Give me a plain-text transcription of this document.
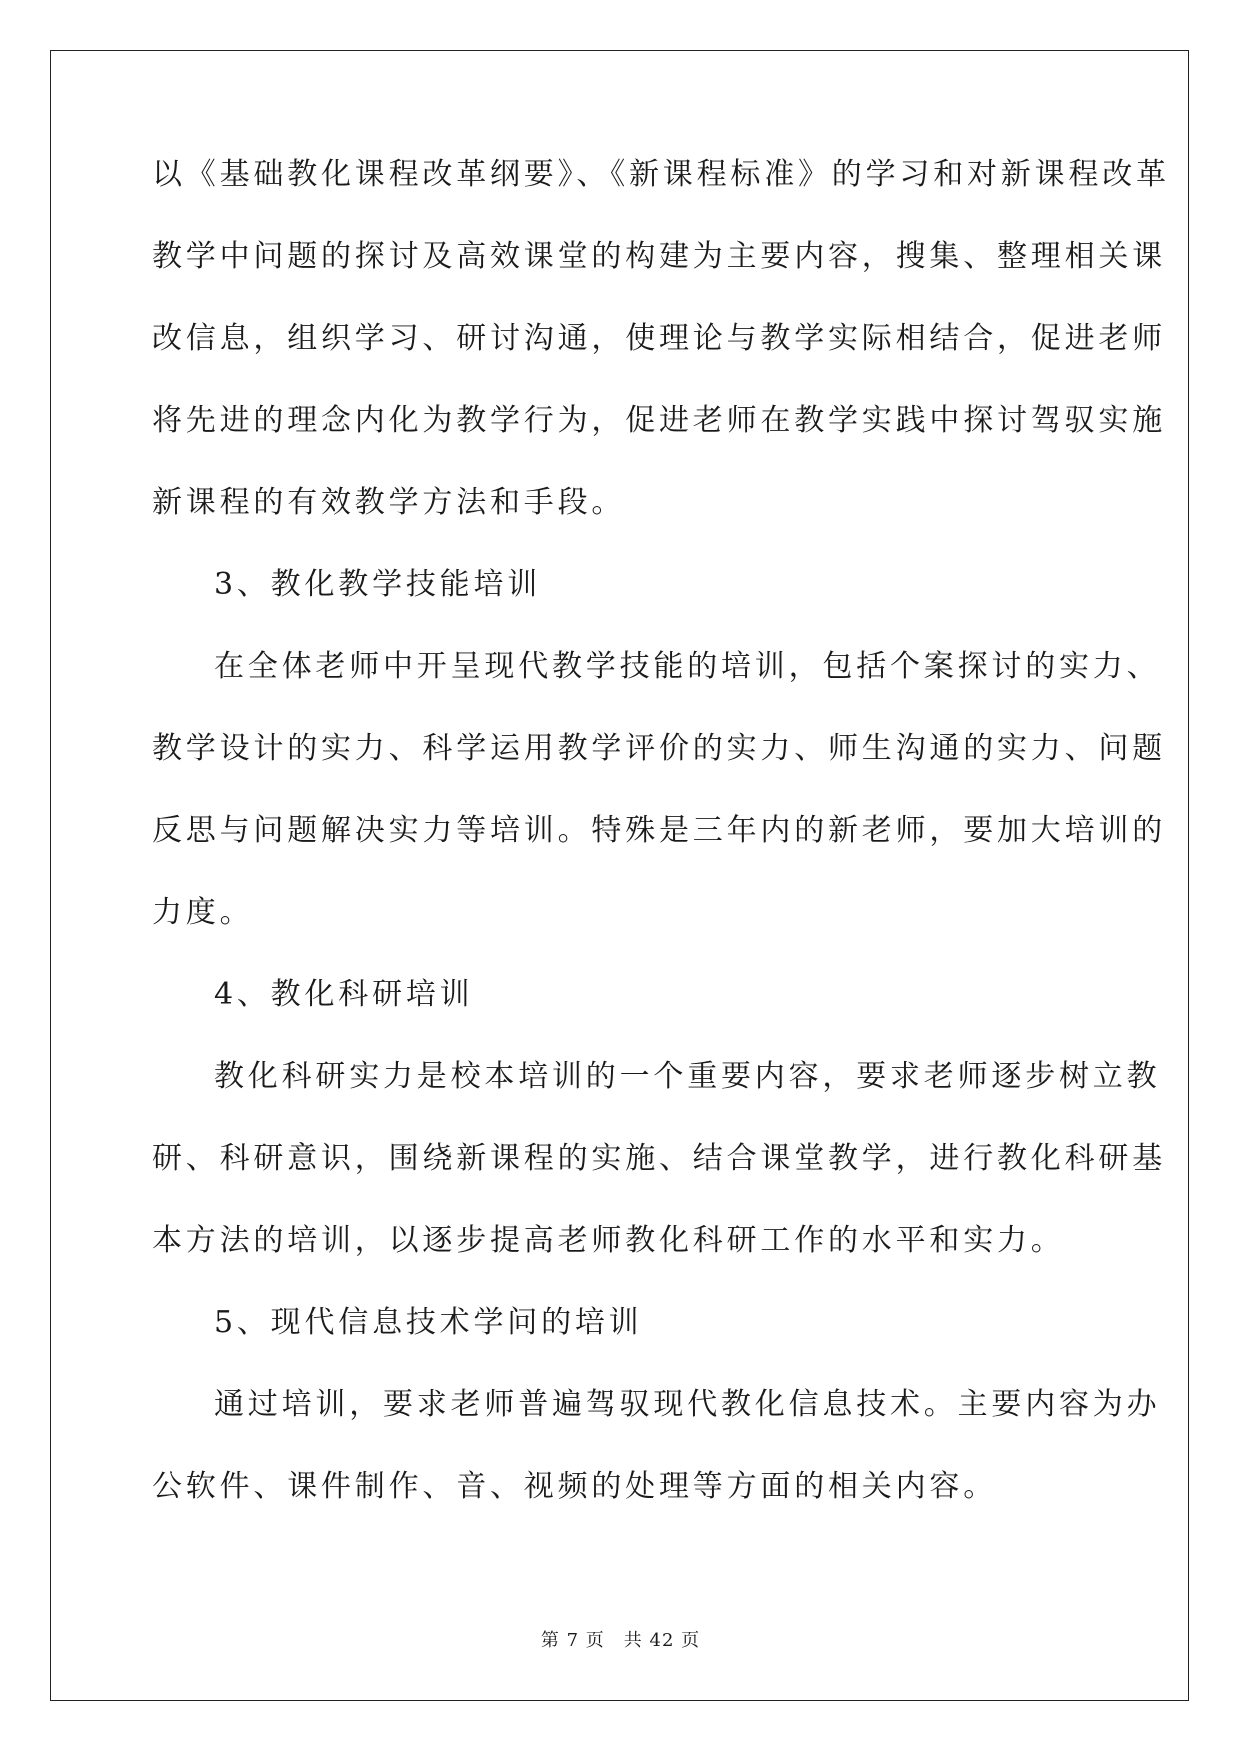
以《基础教化课程改革纲要》、《新课程标准》的学习和对新课程改革
教学中问题的探讨及高效课堂的构建为主要内容，搜集、整理相关课
改信息，组织学习、研讨沟通，使理论与教学实际相结合，促进老师
将先进的理念内化为教学行为，促进老师在教学实践中探讨驾驭实施
新课程的有效教学方法和手段。
3、教化教学技能培训
在全体老师中开呈现代教学技能的培训，包括个案探讨的实力、
教学设计的实力、科学运用教学评价的实力、师生沟通的实力、问题
反思与问题解决实力等培训。特殊是三年内的新老师，要加大培训的
力度。
4、教化科研培训
教化科研实力是校本培训的一个重要内容，要求老师逐步树立教
研、科研意识，围绕新课程的实施、结合课堂教学，进行教化科研基
本方法的培训，以逐步提高老师教化科研工作的水平和实力。
5、现代信息技术学问的培训
通过培训，要求老师普遍驾驭现代教化信息技术。主要内容为办
公软件、课件制作、音、视频的处理等方面的相关内容。
第 7 页　共 42 页
